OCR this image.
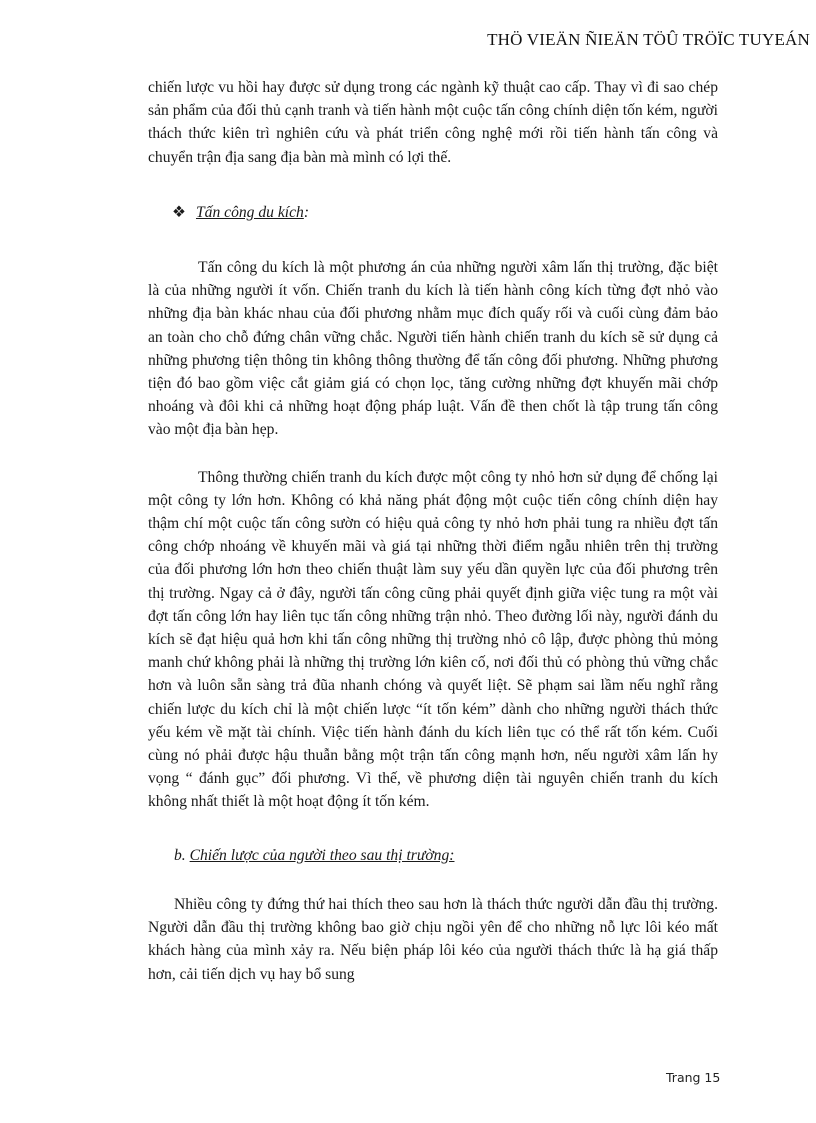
THÖ VIEÄN ÑIEÄN TÖÛ TRÖÏC TUYEÁN

chiến lược vu hồi hay được sử dụng trong các ngành kỹ thuật cao cấp. Thay vì đi sao chép sản phẩm của đối thủ cạnh tranh và tiến hành một cuộc tấn công chính diện tốn kém, người thách thức kiên trì nghiên cứu và phát triển công nghệ mới rồi tiến hành tấn công và chuyển trận địa sang địa bàn mà mình có lợi thế.

❖ Tấn công du kích:

Tấn công du kích là một phương án của những người xâm lấn thị trường, đặc biệt là của những người ít vốn. Chiến tranh du kích là tiến hành công kích từng đợt nhỏ vào những địa bàn khác nhau của đối phương nhằm mục đích quấy rối và cuối cùng đảm bảo an toàn cho chỗ đứng chân vững chắc. Người tiến hành chiến tranh du kích sẽ sử dụng cả những phương tiện thông tin không thông thường để tấn công đối phương. Những phương tiện đó bao gồm việc cắt giảm giá có chọn lọc, tăng cường những đợt khuyến mãi chớp nhoáng và đôi khi cả những hoạt động pháp luật. Vấn đề then chốt là tập trung tấn công vào một địa bàn hẹp.

Thông thường chiến tranh du kích được một công ty nhỏ hơn sử dụng để chống lại một công ty lớn hơn. Không có khả năng phát động một cuộc tiến công chính diện hay thậm chí một cuộc tấn công sườn có hiệu quả công ty nhỏ hơn phải tung ra nhiều đợt tấn công chớp nhoáng về khuyến mãi và giá tại những thời điểm ngẫu nhiên trên thị trường của đối phương lớn hơn theo chiến thuật làm suy yếu dần quyền lực của đối phương trên thị trường. Ngay cả ở đây, người tấn công cũng phải quyết định giữa việc tung ra một vài đợt tấn công lớn hay liên tục tấn công những trận nhỏ. Theo đường lối này, người đánh du kích sẽ đạt hiệu quả hơn khi tấn công những thị trường nhỏ cô lập, được phòng thủ mỏng manh chứ không phải là những thị trường lớn kiên cố, nơi đối thủ có phòng thủ vững chắc hơn và luôn sẵn sàng trả đũa nhanh chóng và quyết liệt. Sẽ phạm sai lầm nếu nghĩ rằng chiến lược du kích chỉ là một chiến lược “ít tốn kém” dành cho những người thách thức yếu kém về mặt tài chính. Việc tiến hành đánh du kích liên tục có thể rất tốn kém. Cuối cùng nó phải được hậu thuẫn bằng một trận tấn công mạnh hơn, nếu người xâm lấn hy vọng “ đánh gục” đối phương. Vì thế, về phương diện tài nguyên chiến tranh du kích không nhất thiết là một hoạt động ít tốn kém.

b. Chiến lược của người theo sau thị trường:

Nhiều công ty đứng thứ hai thích theo sau hơn là thách thức người dẫn đầu thị trường. Người dẫn đầu thị trường không bao giờ chịu ngồi yên để cho những nỗ lực lôi kéo mất khách hàng của mình xảy ra. Nếu biện pháp lôi kéo của người thách thức là hạ giá thấp hơn, cải tiến dịch vụ hay bổ sung

Trang 15
